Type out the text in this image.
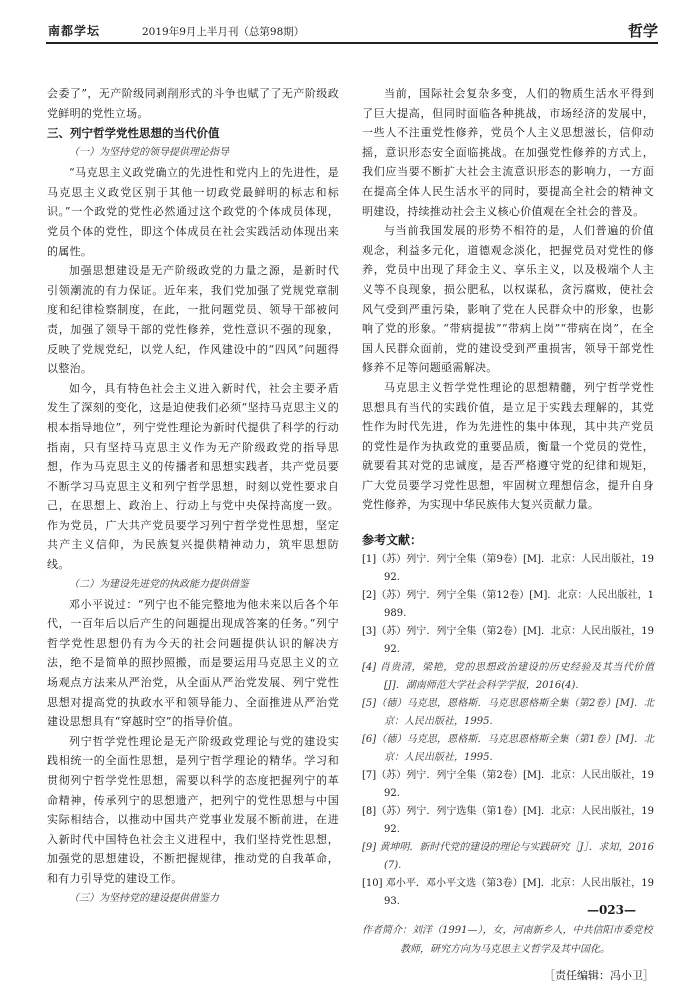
南都学坛	2019年9月上半月刊（总第98期）	哲学

会委了”，无产阶级同剥削形式的斗争也赋了了无产阶级政党鲜明的党性立场。

三、列宁哲学党性思想的当代价值

（一）为坚持党的领导提供理论指导

“马克思主义政党确立的先进性和党内上的先进性，是马克思主义政党区别于其他一切政党最鲜明的标志和标识。”一个政党的党性必然通过这个政党的个体成员体现，党员个体的党性，即这个体成员在社会实践活动体现出来的属性。

加强思想建设是无产阶级政党的力量之源，是新时代引领潮流的有力保证。近年来，我们党加强了党规党章制度和纪律检察制度，在此，一批问题党员、领导干部被问责，加强了领导干部的党性修养，党性意识不强的现象，反映了党规党纪，以党人纪，作风建设中的“四风”问题得以整治。

如今，具有特色社会主义进入新时代，社会主要矛盾发生了深刻的变化，这是迫使我们必须“坚持马克思主义的根本指导地位”，列宁党性理论为新时代提供了科学的行动指南，只有坚持马克思主义作为无产阶级政党的指导思想，作为马克思主义的传播者和思想实践者，共产党员要不断学习马克思主义和列宁哲学思想，时刻以党性要求自己，在思想上、政治上、行动上与党中央保持高度一致。作为党员，广大共产党员要学习列宁哲学党性思想，坚定共产主义信仰，为民族复兴提供精神动力，筑牢思想防线。

（二）为建设先进党的执政能力提供借鉴

邓小平说过：“列宁也不能完整地为他未来以后各个年代，一百年后以后产生的问题提出现成答案的任务。”列宁哲学党性思想仍有为今天的社会问题提供认识的解决方法，绝不是简单的照抄照搬，而是要运用马克思主义的立场观点方法来从严治党，从全面从严治党发展、列宁党性思想对提高党的执政水平和领导能力、全面推进从严治党建设思想具有“穿越时空”的指导价值。

列宁哲学党性理论是无产阶级政党理论与党的建设实践相统一的全面性思想，是列宁哲学理论的精华。学习和贯彻列宁哲学党性思想，需要以科学的态度把握列宁的革命精神，传承列宁的思想遗产，把列宁的党性思想与中国实际相结合，以推动中国共产党事业发展不断前进，在进入新时代中国特色社会主义进程中，我们坚持党性思想，加强党的思想建设，不断把握规律，推动党的自我革命，和有力引导党的建设工作。

（三）为坚持党的建设提供借鉴力

当前，国际社会复杂多变，人们的物质生活水平得到了巨大提高，但同时面临各种挑战，市场经济的发展中，一些人不注重党性修养，党员个人主义思想滋长，信仰动摇，意识形态安全面临挑战。在加强党性修养的方式上，我们应当要不断扩大社会主流意识形态的影响力，一方面在提高全体人民生活水平的同时，要提高全社会的精神文明建设，持续推动社会主义核心价值观在全社会的普及。

与当前我国发展的形势不相符的是，人们普遍的价值观念，利益多元化，道德观念淡化，把握党员对党性的修养，党员中出现了拜金主义、享乐主义，以及极端个人主义等不良现象，损公肥私，以权谋私，贪污腐败，使社会风气受到严重污染，影响了党在人民群众中的形象，也影响了党的形象。“带病提拔”“带病上岗”“带病在岗”，在全国人民群众面前，党的建设受到严重损害，领导干部党性修养不足等问题亟需解决。

马克思主义哲学党性理论的思想精髓，列宁哲学党性思想具有当代的实践价值，是立足于实践去理解的，其党性作为时代先进，作为先进性的集中体现，其中共产党员的党性是作为执政党的重要品质，衡量一个党员的党性，就要看其对党的忠诚度，是否严格遵守党的纪律和规矩，广大党员要学习党性思想，牢固树立理想信念，提升自身党性修养，为实现中华民族伟大复兴贡献力量。

参考文献：
[1]（苏）列宁．列宁全集（第9卷）[M]．北京：人民出版社，1992.
[2]（苏）列宁．列宁全集（第12卷）[M]．北京：人民出版社，1989.
[3]（苏）列宁．列宁全集（第2卷）[M]．北京：人民出版社，1992.
[4] 肖贵清，梁艳，党的思想政治建设的历史经验及其当代价值[J]．湖南师范大学社会科学学报，2016(4).
[5]（德）马克思，恩格斯．马克思恩格斯全集（第2卷）[M]．北京：人民出版社，1995.
[6]（德）马克思，恩格斯．马克思恩格斯全集（第1卷）[M]．北京：人民出版社，1995.
[7]（苏）列宁．列宁全集（第2卷）[M]．北京：人民出版社，1992.
[8]（苏）列宁．列宁选集（第1卷）[M]．北京：人民出版社，1992.
[9] 黄坤明．新时代党的建设的理论与实践研究［J］．求知，2016(7).
[10] 邓小平．邓小平文选（第3卷）[M]．北京：人民出版社，1993.
作者简介：刘洋（1991—），女，河南新乡人，中共信阳市委党校教师，研究方向为马克思主义哲学及其中国化。
［责任编辑：冯小卫］
—023—
